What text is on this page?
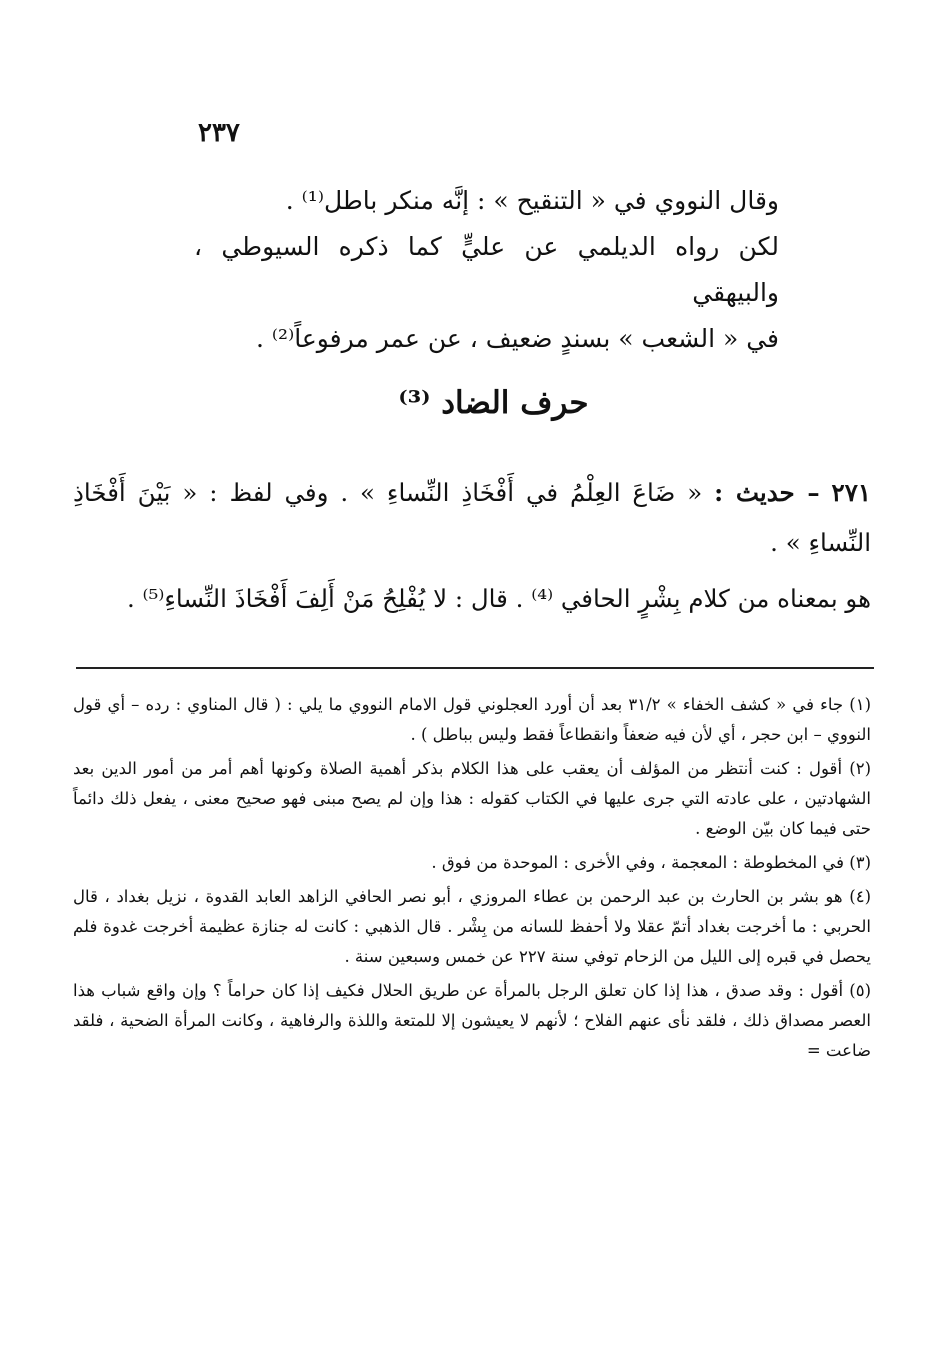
٢٣٧

وقال النووي في « التنقيح » : إنَّه منكر باطل⁽¹⁾ .

لكن رواه الديلمي عن عليٍّ كما ذكره السيوطي ، والبيهقي

في « الشعب » بسندٍ ضعيف ، عن عمر مرفوعاً⁽²⁾ .

حرف الضاد ⁽³⁾

٢٧١ – حديث : « ضَاعَ العِلْمُ في أَفْخَاذِ النِّساءِ » . وفي لفظ : « بَيْنَ أَفْخَاذِ النِّساءِ » .

هو بمعناه من كلام بِشْرٍ الحافي ⁽⁴⁾ . قال : لا يُفْلِحُ مَنْ أَلِفَ أَفْخَاذَ النِّساءِ⁽⁵⁾ .

(١) جاء في « كشف الخفاء » ٣١/٢ بعد أن أورد العجلوني قول الامام النووي ما يلي : ( قال المناوي : رده – أي قول النووي – ابن حجر ، أي لأن فيه ضعفاً وانقطاعاً فقط وليس بباطل ) .

(٢) أقول : كنت أنتظر من المؤلف أن يعقب على هذا الكلام بذكر أهمية الصلاة وكونها أهم أمر من أمور الدين بعد الشهادتين ، على عادته التي جرى عليها في الكتاب كقوله : هذا وإن لم يصح مبنى فهو صحيح معنى ، يفعل ذلك دائماً حتى فيما كان بيّن الوضع .

(٣) في المخطوطة : المعجمة ، وفي الأخرى : الموحدة من فوق .

(٤) هو بشر بن الحارث بن عبد الرحمن بن عطاء المروزي ، أبو نصر الحافي الزاهد العابد القدوة ، نزيل بغداد ، قال الحربي : ما أخرجت بغداد أتمّ عقلا ولا أحفظ للسانه من بِشْر . قال الذهبي : كانت له جنازة عظيمة أخرجت غدوة فلم يحصل في قبره إلى الليل من الزحام توفي سنة ٢٢٧ عن خمس وسبعين سنة .

(٥) أقول : وقد صدق ، هذا إذا كان تعلق الرجل بالمرأة عن طريق الحلال فكيف إذا كان حراماً ؟ وإن واقع شباب هذا العصر مصداق ذلك ، فلقد نأى عنهم الفلاح ؛ لأنهم لا يعيشون إلا للمتعة واللذة والرفاهية ، وكانت المرأة الضحية ، فلقد ضاعت =
